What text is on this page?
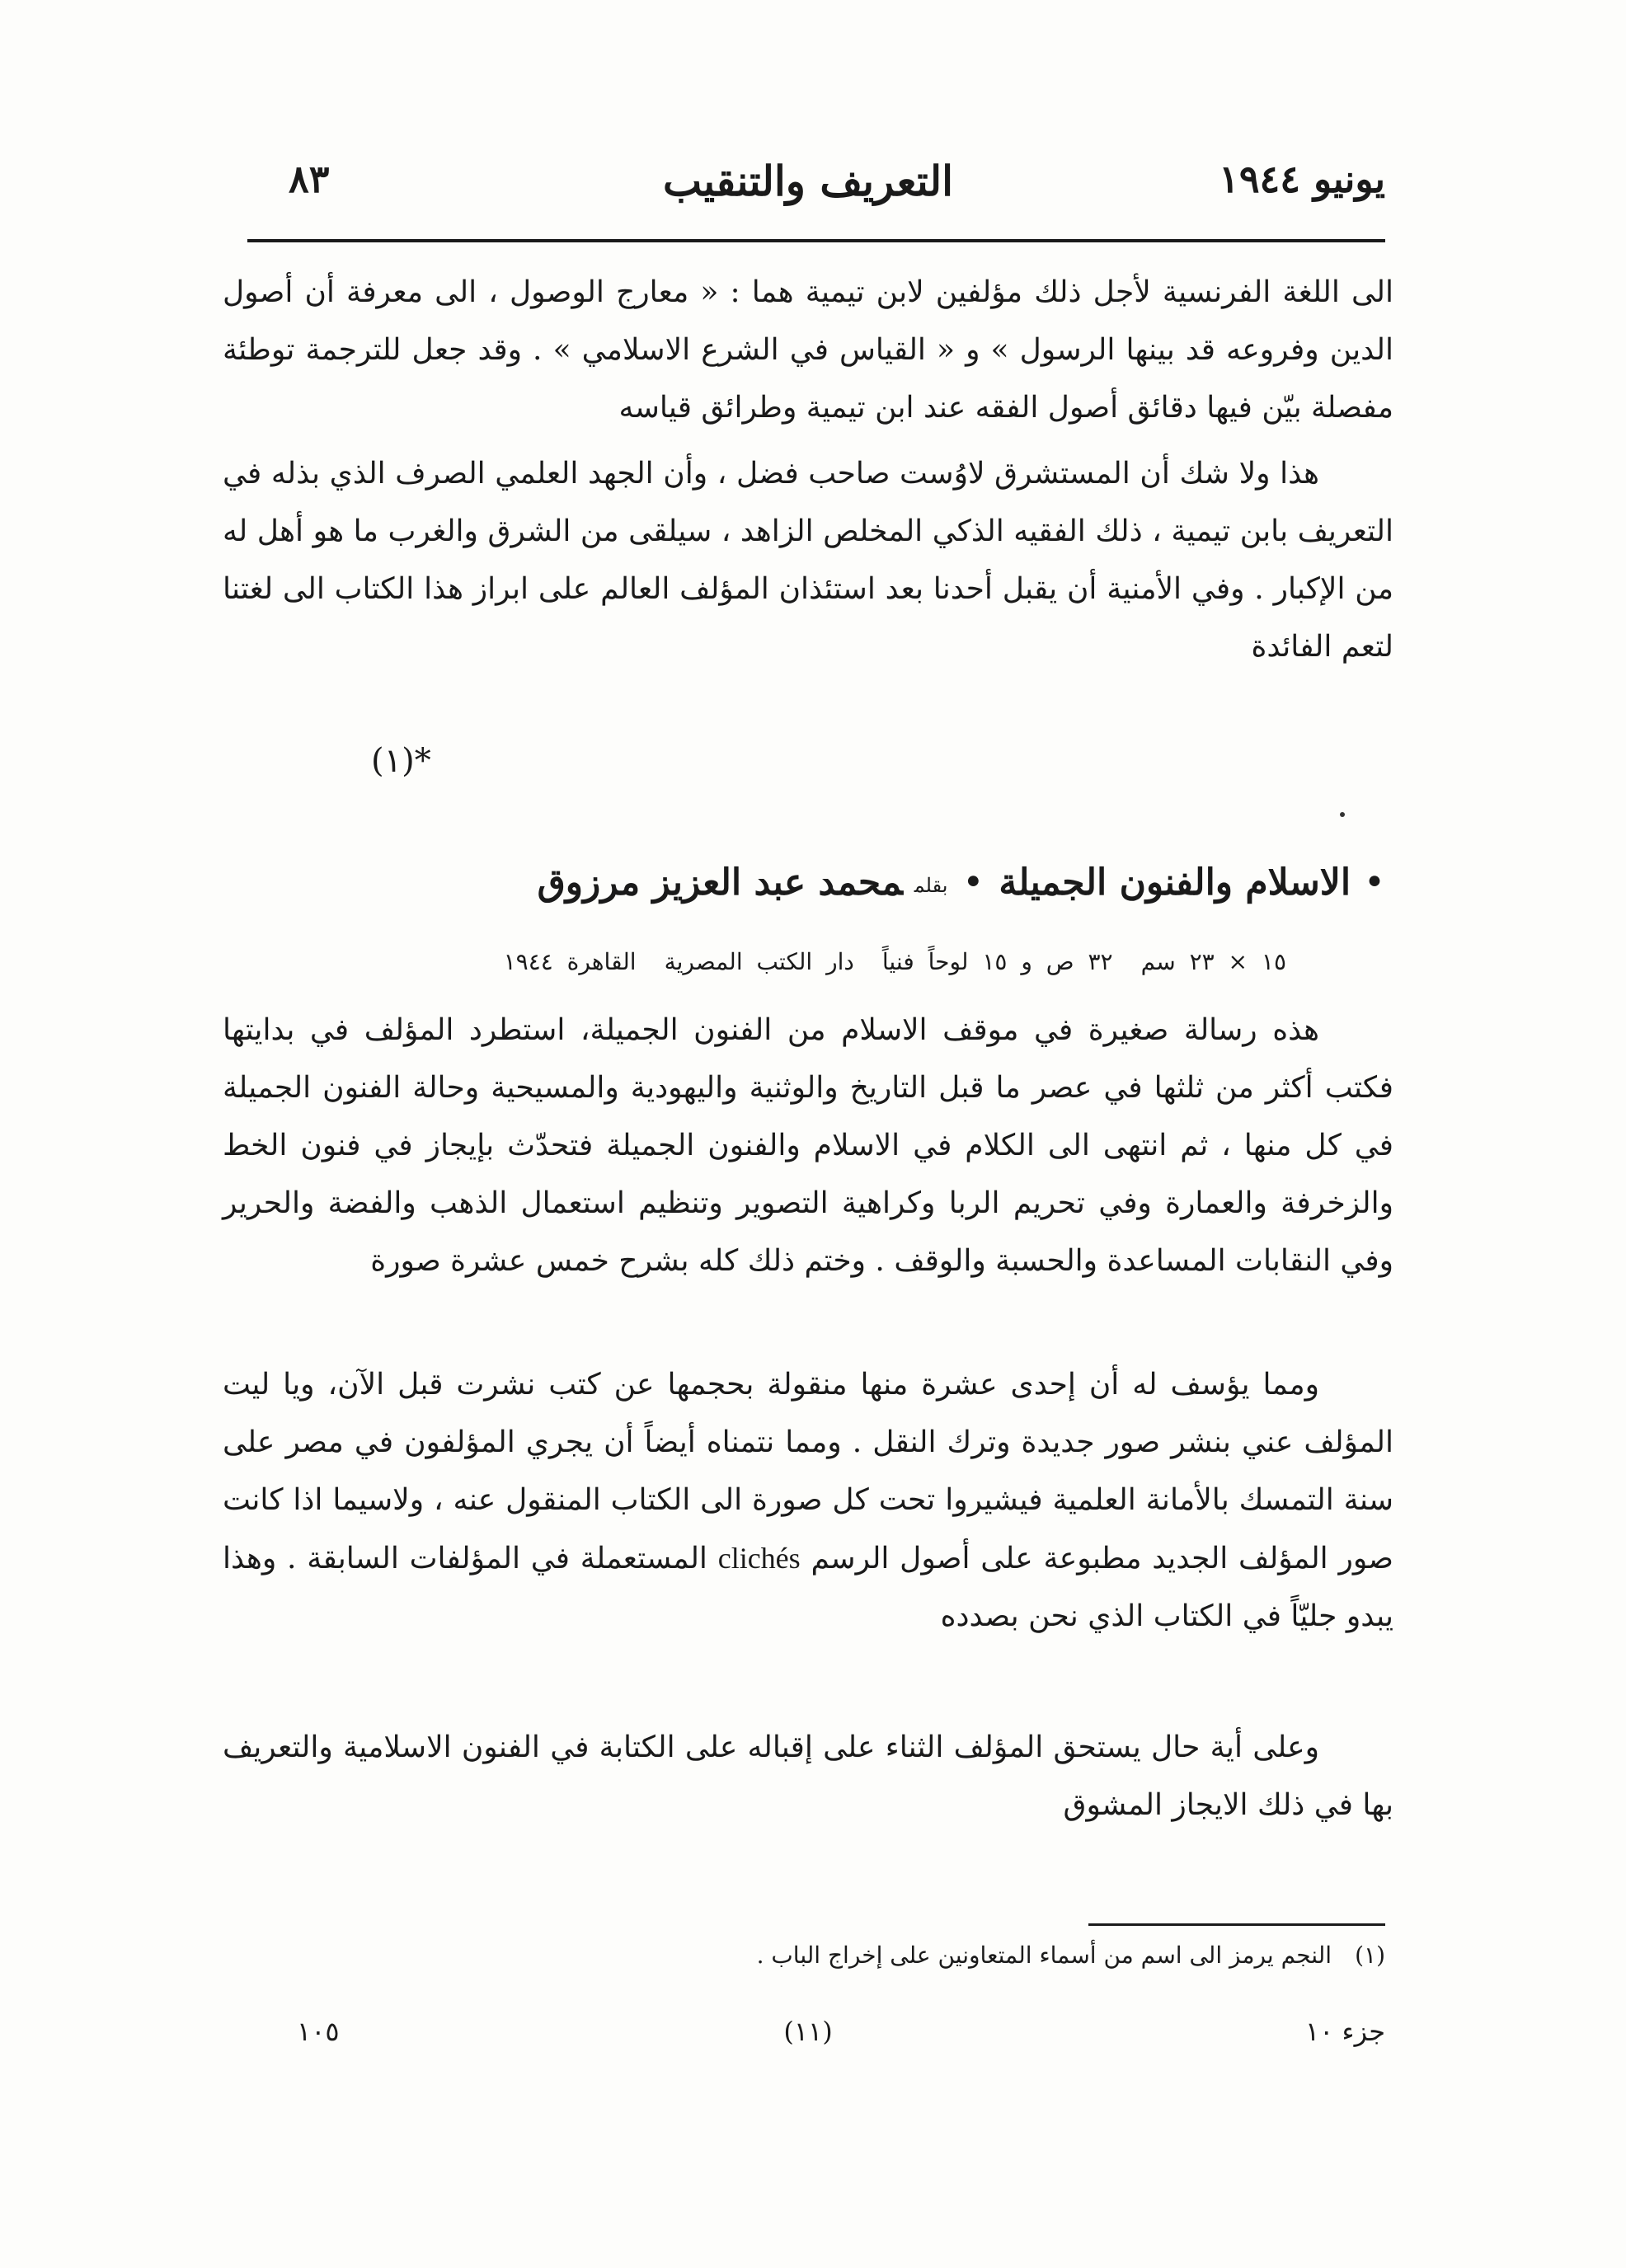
يونيو ١٩٤٤
التعريف والتنقيب
٨٣

الى اللغة الفرنسية لأجل ذلك مؤلفين لابن تيمية هما : « معارج الوصول ، الى معرفة أن أصول الدين وفروعه قد بينها الرسول » و « القياس في الشرع الاسلامي » . وقد جعل للترجمة توطئة مفصلة بيّن فيها دقائق أصول الفقه عند ابن تيمية وطرائق قياسه

هذا ولا شك أن المستشرق لاوُست صاحب فضل ، وأن الجهد العلمي الصرف الذي بذله في التعريف بابن تيمية ، ذلك الفقيه الذكي المخلص الزاهد ، سيلقى من الشرق والغرب ما هو أهل له من الإكبار . وفي الأمنية أن يقبل أحدنا بعد استئذان المؤلف العالم على ابراز هذا الكتاب الى لغتنا لتعم الفائدة

*(١)
•الاسلام والفنون الجميلة•بقلممحمد عبد العزيز مرزوق
١٥ × ٢٣ سم٣٢ ص و ١٥ لوحاً فنياًدار الكتب المصريةالقاهرة ١٩٤٤

هذه رسالة صغيرة في موقف الاسلام من الفنون الجميلة، استطرد المؤلف في بدايتها فكتب أكثر من ثلثها في عصر ما قبل التاريخ والوثنية واليهودية والمسيحية وحالة الفنون الجميلة في كل منها ، ثم انتهى الى الكلام في الاسلام والفنون الجميلة فتحدّث بإيجاز في فنون الخط والزخرفة والعمارة وفي تحريم الربا وكراهية التصوير وتنظيم استعمال الذهب والفضة والحرير وفي النقابات المساعدة والحسبة والوقف . وختم ذلك كله بشرح خمس عشرة صورة

ومما يؤسف له أن إحدى عشرة منها منقولة بحجمها عن كتب نشرت قبل الآن، ويا ليت المؤلف عني بنشر صور جديدة وترك النقل . ومما نتمناه أيضاً أن يجري المؤلفون في مصر على سنة التمسك بالأمانة العلمية فيشيروا تحت كل صورة الى الكتاب المنقول عنه ، ولاسيما اذا كانت صور المؤلف الجديد مطبوعة على أصول الرسم clichés المستعملة في المؤلفات السابقة . وهذا يبدو جليّاً في الكتاب الذي نحن بصدده

وعلى أية حال يستحق المؤلف الثناء على إقباله على الكتابة في الفنون الاسلامية والتعريف بها في ذلك الايجاز المشوق

(١)النجم يرمز الى اسم من أسماء المتعاونين على إخراج الباب .
جزء ١٠
(١١)
١٠٥
